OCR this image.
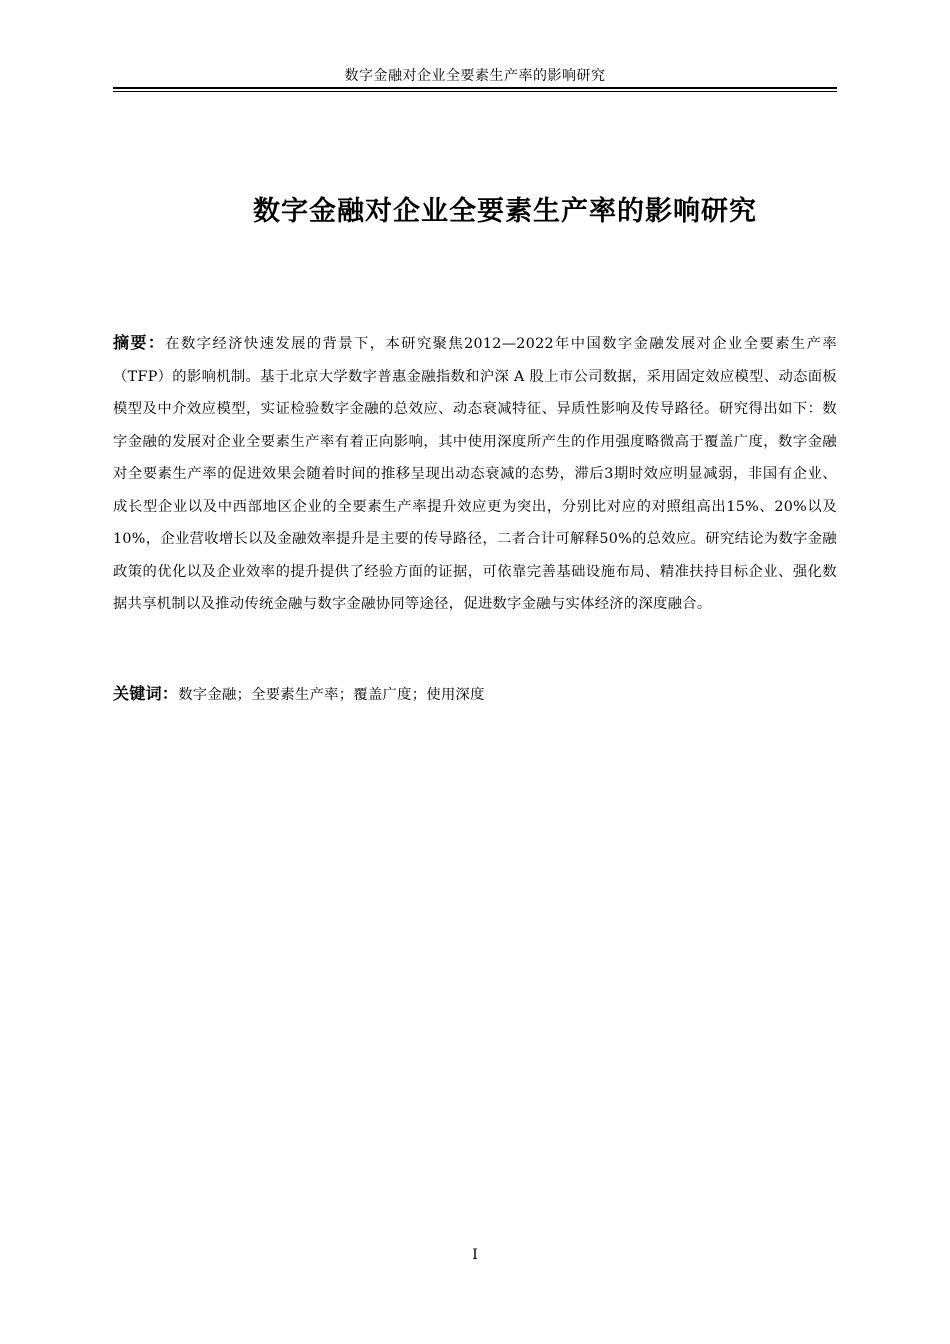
数字金融对企业全要素生产率的影响研究
数字金融对企业全要素生产率的影响研究

摘要：在数字经济快速发展的背景下，本研究聚焦2012—2022年中国数字金融发展对企业全要素生产率（TFP）的影响机制。基于北京大学数字普惠金融指数和沪深 A 股上市公司数据，采用固定效应模型、动态面板模型及中介效应模型，实证检验数字金融的总效应、动态衰减特征、异质性影响及传导路径。研究得出如下：数字金融的发展对企业全要素生产率有着正向影响，其中使用深度所产生的作用强度略微高于覆盖广度，数字金融对全要素生产率的促进效果会随着时间的推移呈现出动态衰减的态势，滞后3期时效应明显减弱，非国有企业、成长型企业以及中西部地区企业的全要素生产率提升效应更为突出，分别比对应的对照组高出15%、20%以及10%，企业营收增长以及金融效率提升是主要的传导路径，二者合计可解释50%的总效应。研究结论为数字金融政策的优化以及企业效率的提升提供了经验方面的证据，可依靠完善基础设施布局、精准扶持目标企业、强化数据共享机制以及推动传统金融与数字金融协同等途径，促进数字金融与实体经济的深度融合。

关键词：数字金融；全要素生产率；覆盖广度；使用深度

I
